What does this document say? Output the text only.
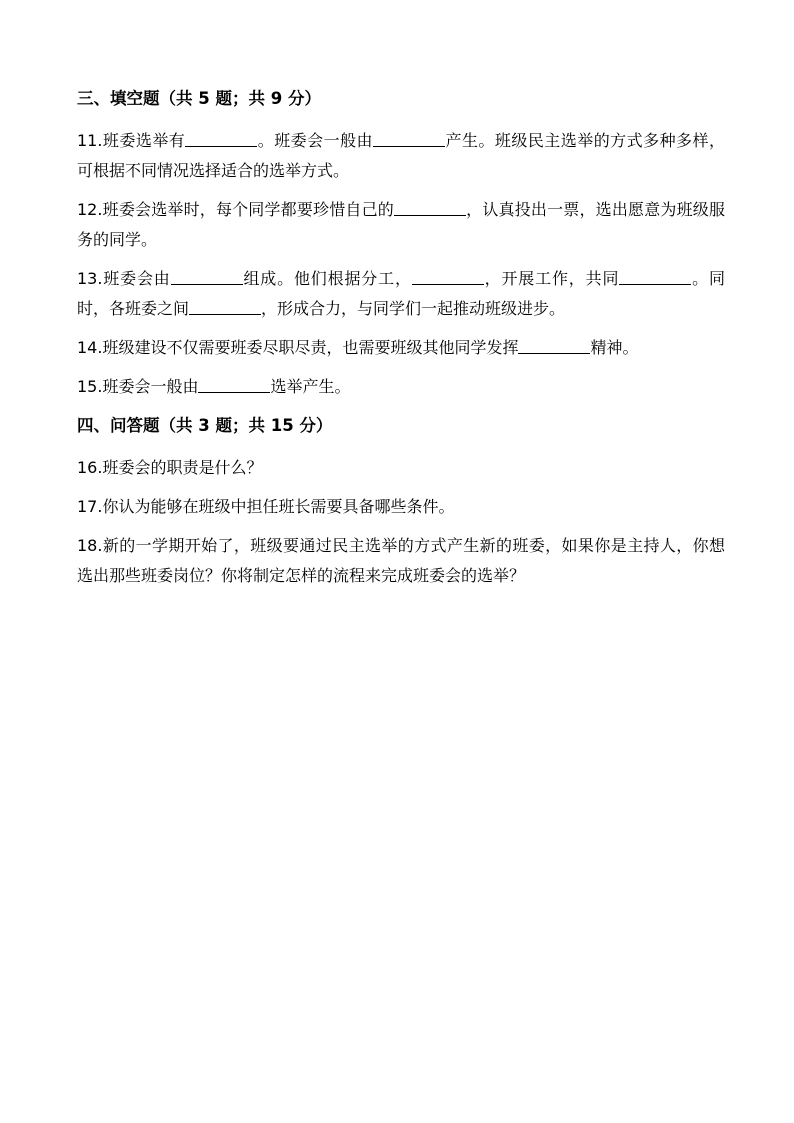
三、填空题（共 5 题；共 9 分）

11.班委选举有	。班委会一般由	产生。班级民主选举的方式多种多样，可根据不同情况选择适合的选举方式。

12.班委会选举时，每个同学都要珍惜自己的	，认真投出一票，选出愿意为班级服务的同学。

13.班委会由	组成。他们根据分工，	，开展工作，共同	。同时，各班委之间	，形成合力，与同学们一起推动班级进步。

14.班级建设不仅需要班委尽职尽责，也需要班级其他同学发挥	精神。

15.班委会一般由	选举产生。

四、问答题（共 3 题；共 15 分）

16.班委会的职责是什么？

17.你认为能够在班级中担任班长需要具备哪些条件。

18.新的一学期开始了，班级要通过民主选举的方式产生新的班委，如果你是主持人，你想选出那些班委岗位？你将制定怎样的流程来完成班委会的选举？
